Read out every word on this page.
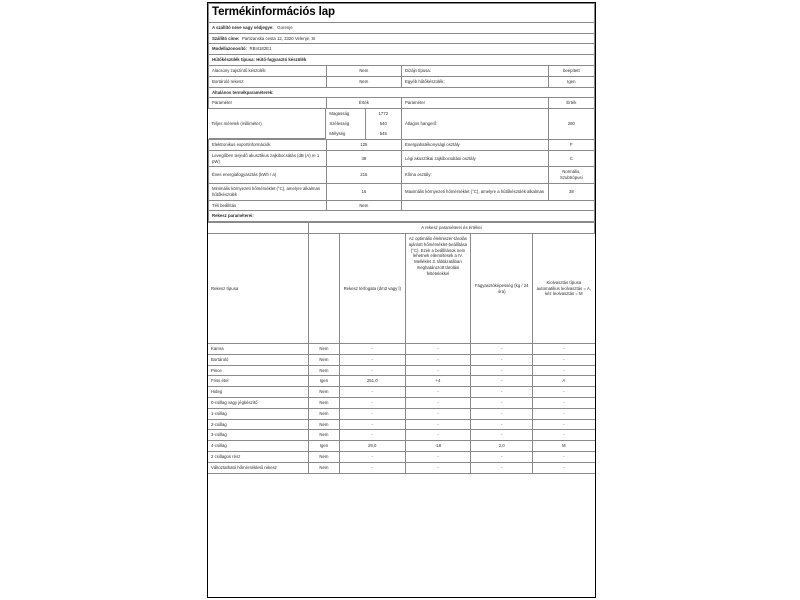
Termékinformációs lap

A szállító neve vagy védjegye: Gorenje
Szállító címe: Partizanska cesta 12, 3320 Velenje, SI
Modellazonosító: RBI4182E1
Hűtőkészülék típusa: Hűtő-fagyasztó készülék
Alacsony zajszintű készülék:	Nem	Dizájn típusa:	beépített
Bortároló rekesz:	Nem	Egyéb hűtőkészülék:	Igen
Általános termékparaméterek:
Paraméter	Érték	Paraméter	Érték

Teljes méretek (milliméter)	
Magasság	1772

Szélesség	540

Mélység	545
	Átlagos hangerő:	280
Elektronikus exportinformációk	125	Energiahatékonysági osztály	F
Levegőben terjedő akusztikus zajkibocsátás (dB (A) re 1 pW)	38	Légi akusztikai zajkibocsátási osztály	C
Éves energiafogyasztás (kWh / a)	215	Klíma osztály:	Normális, Szubtrópusi
Minimális környezeti hőmérséklet (°C), amelyre alkalmas hűtőkészülék	16	Maximális környezeti hőmérséklet (°C), amelyre a hűtőkészülék alkalmas	38
Téli beállítás	Nem	
Rekesz paraméterei:
	A rekesz paraméterei és értékei				
Rekesz típusa		Rekesz térfogata (dm3 vagy l)	Az optimális élelmiszer-tárolás ajánlott hőmérséklet-beállítása (°C). Ezek a beállítások nem lehetnek ellentétesek a IV. Melléklet 3. táblázatában meghatározott tárolási feltételekkel	Fagyasztóképesség (kg / 24 óra)	Kiolvasztás típusa automatikus leolvasztás = A, kéz leolvasztás = M
Kamra	Nem	-	-	-	-
Bortároló	Nem	-	-	-	-
Pince	Nem	-	-	-	-
Friss étel	Igen	251,0	+4	-	A
Hideg	Nem	-	-	-	-
0-csillag vagy jégkészítő	Nem	-	-	-	-
1-csillag	Nem	-	-	-	-
2-csillag	Nem	-	-	-	-
3-csillag	Nem	-	-	-	-
4-csillag	Igen	29,0	-18	2,0	M
2 csillagos rész	Nem	-	-	-	-
Változtatható hőmérsékletű rekesz	Nem	-	-	-	-
